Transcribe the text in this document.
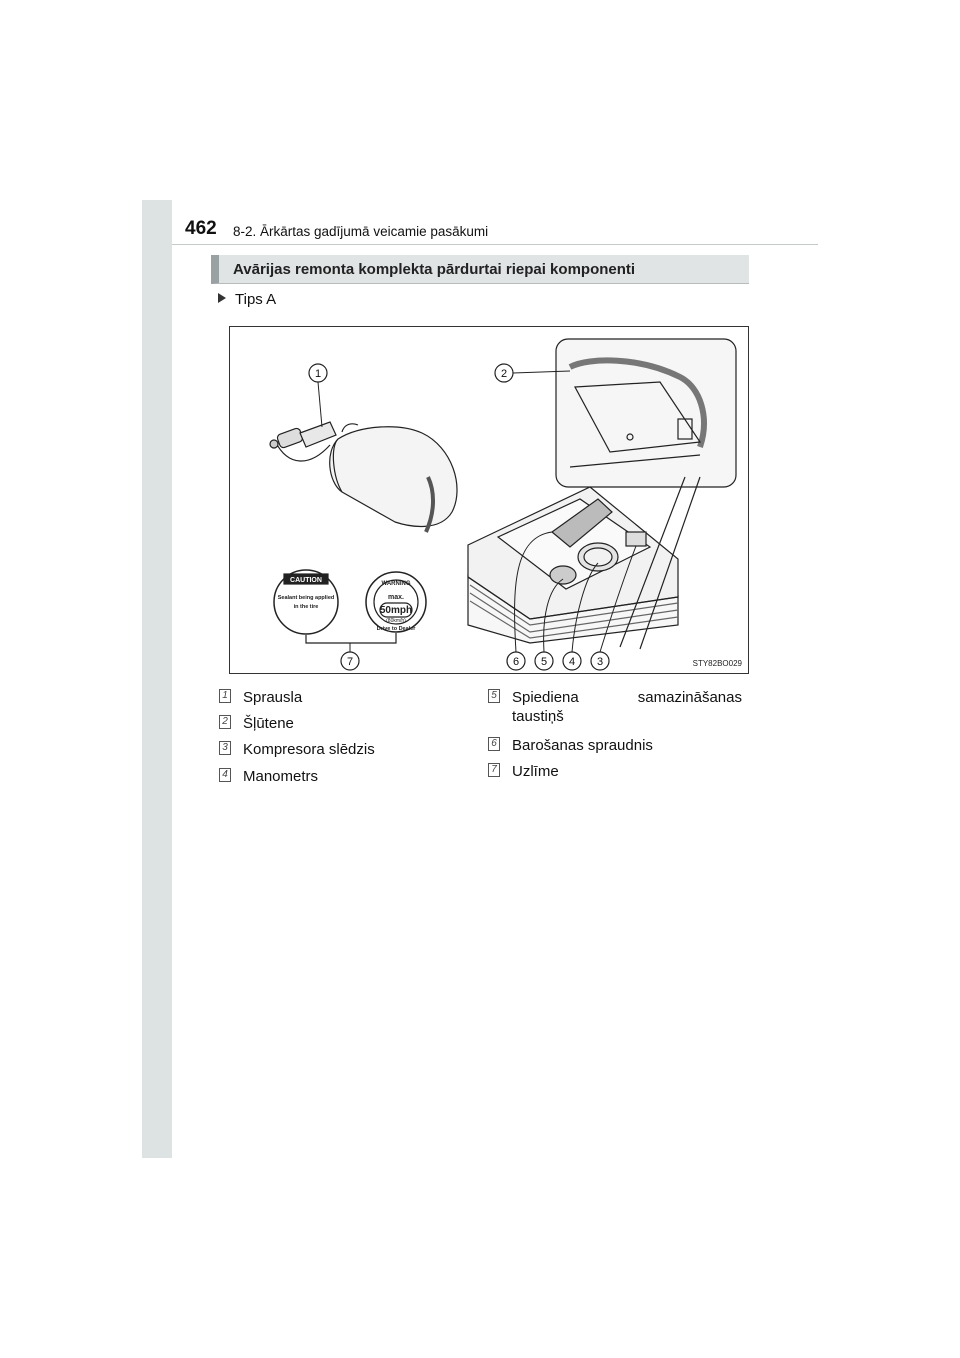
462 8-2. Ārkārtas gadījumā veicamie pasākumi
Avārijas remonta komplekta pārdurtai riepai komponenti
Tips A
CAUTION
Sealant being applied
in the tire
WARNING
max.
50mph
(80km/h)
Drive to Dealer
1	2
7	6 5 4 3	STY82BO029
1 Sprausla
2 Šļūtene
3 Kompresora slēdzis
4 Manometrs
5 Spiediena samazināšanas
taustiņš
6 Barošanas spraudnis
7 Uzlīme
